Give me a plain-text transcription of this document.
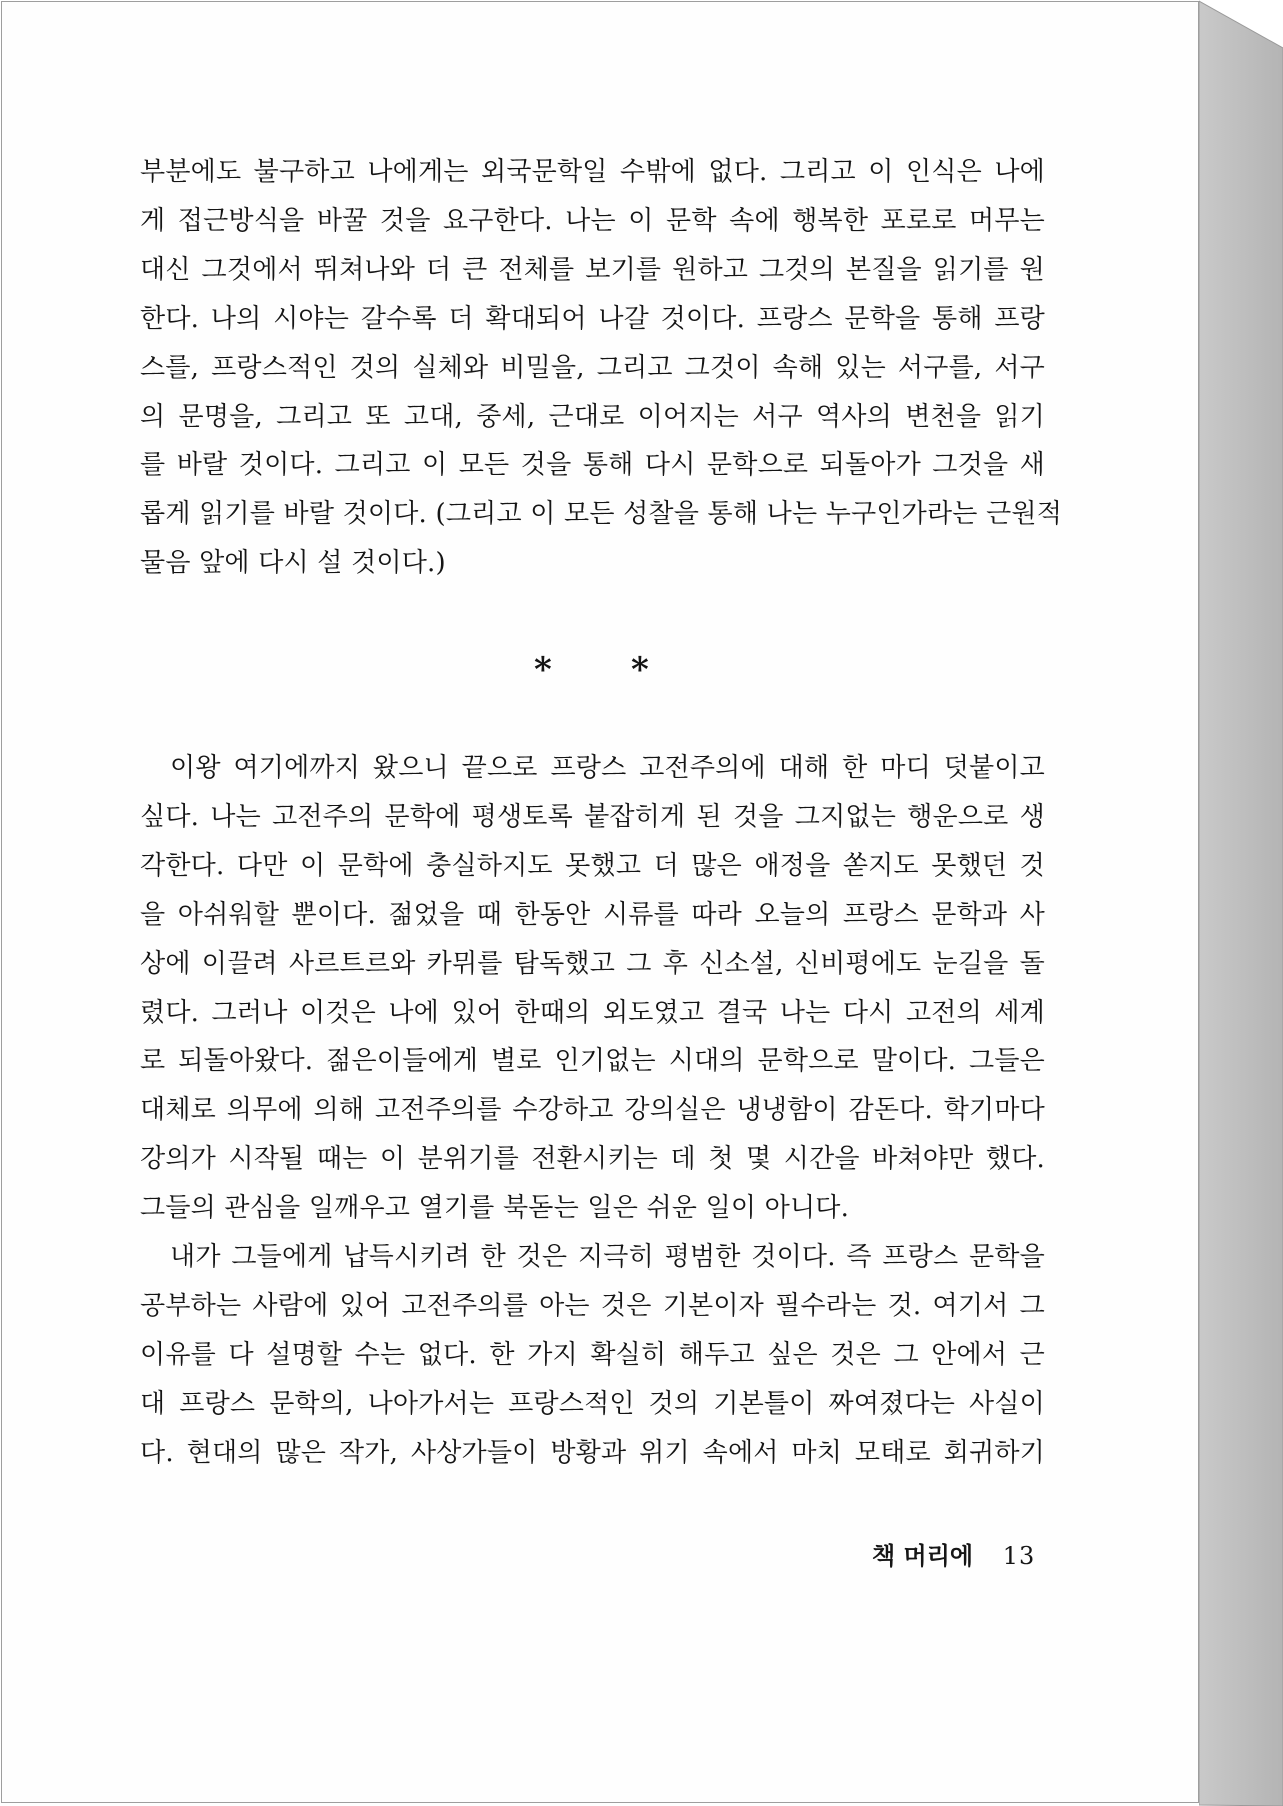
부분에도 불구하고 나에게는 외국문학일 수밖에 없다. 그리고 이 인식은 나에
게 접근방식을 바꿀 것을 요구한다. 나는 이 문학 속에 행복한 포로로 머무는
대신 그것에서 뛰쳐나와 더 큰 전체를 보기를 원하고 그것의 본질을 읽기를 원
한다. 나의 시야는 갈수록 더 확대되어 나갈 것이다. 프랑스 문학을 통해 프랑
스를, 프랑스적인 것의 실체와 비밀을, 그리고 그것이 속해 있는 서구를, 서구
의 문명을, 그리고 또 고대, 중세, 근대로 이어지는 서구 역사의 변천을 읽기
를 바랄 것이다. 그리고 이 모든 것을 통해 다시 문학으로 되돌아가 그것을 새
롭게 읽기를 바랄 것이다. (그리고 이 모든 성찰을 통해 나는 누구인가라는 근원적
물음 앞에 다시 설 것이다.)
* *
이왕 여기에까지 왔으니 끝으로 프랑스 고전주의에 대해 한 마디 덧붙이고
싶다. 나는 고전주의 문학에 평생토록 붙잡히게 된 것을 그지없는 행운으로 생
각한다. 다만 이 문학에 충실하지도 못했고 더 많은 애정을 쏟지도 못했던 것
을 아쉬워할 뿐이다. 젊었을 때 한동안 시류를 따라 오늘의 프랑스 문학과 사
상에 이끌려 사르트르와 카뮈를 탐독했고 그 후 신소설, 신비평에도 눈길을 돌
렸다. 그러나 이것은 나에 있어 한때의 외도였고 결국 나는 다시 고전의 세계
로 되돌아왔다. 젊은이들에게 별로 인기없는 시대의 문학으로 말이다. 그들은
대체로 의무에 의해 고전주의를 수강하고 강의실은 냉냉함이 감돈다. 학기마다
강의가 시작될 때는 이 분위기를 전환시키는 데 첫 몇 시간을 바쳐야만 했다.
그들의 관심을 일깨우고 열기를 북돋는 일은 쉬운 일이 아니다.
내가 그들에게 납득시키려 한 것은 지극히 평범한 것이다. 즉 프랑스 문학을
공부하는 사람에 있어 고전주의를 아는 것은 기본이자 필수라는 것. 여기서 그
이유를 다 설명할 수는 없다. 한 가지 확실히 해두고 싶은 것은 그 안에서 근
대 프랑스 문학의, 나아가서는 프랑스적인 것의 기본틀이 짜여졌다는 사실이
다. 현대의 많은 작가, 사상가들이 방황과 위기 속에서 마치 모태로 회귀하기
책 머리에 13
